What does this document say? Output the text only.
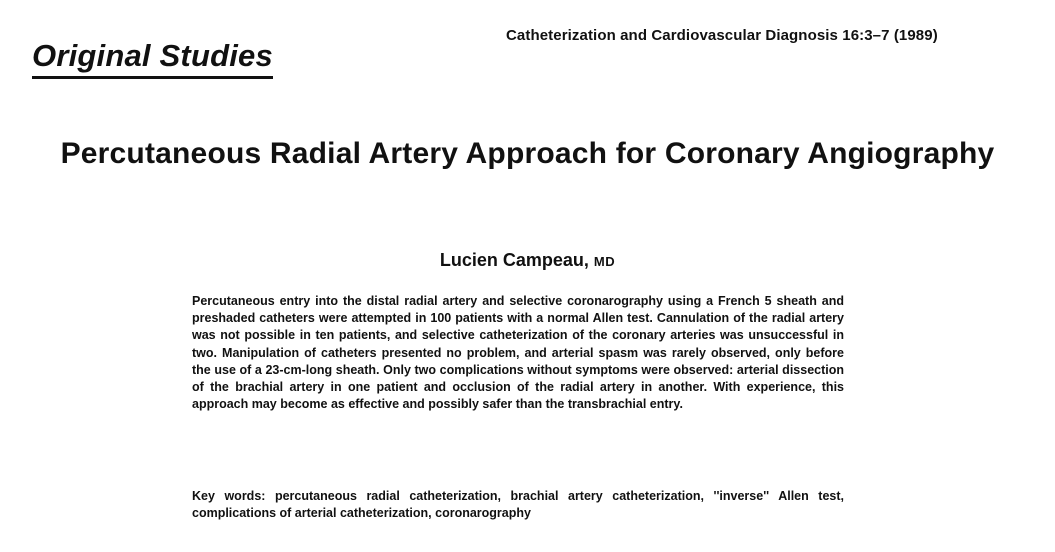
Original Studies
Catheterization and Cardiovascular Diagnosis 16:3–7 (1989)
Percutaneous Radial Artery Approach for Coronary Angiography
Lucien Campeau, MD
Percutaneous entry into the distal radial artery and selective coronarography using a French 5 sheath and preshaded catheters were attempted in 100 patients with a normal Allen test. Cannulation of the radial artery was not possible in ten patients, and selective catheterization of the coronary arteries was unsuccessful in two. Manipulation of catheters presented no problem, and arterial spasm was rarely observed, only before the use of a 23-cm-long sheath. Only two complications without symptoms were observed: arterial dissection of the brachial artery in one patient and occlusion of the radial artery in another. With experience, this approach may become as effective and possibly safer than the transbrachial entry.
Key words: percutaneous radial catheterization, brachial artery catheterization, ''inverse'' Allen test, complications of arterial catheterization, coronarography
